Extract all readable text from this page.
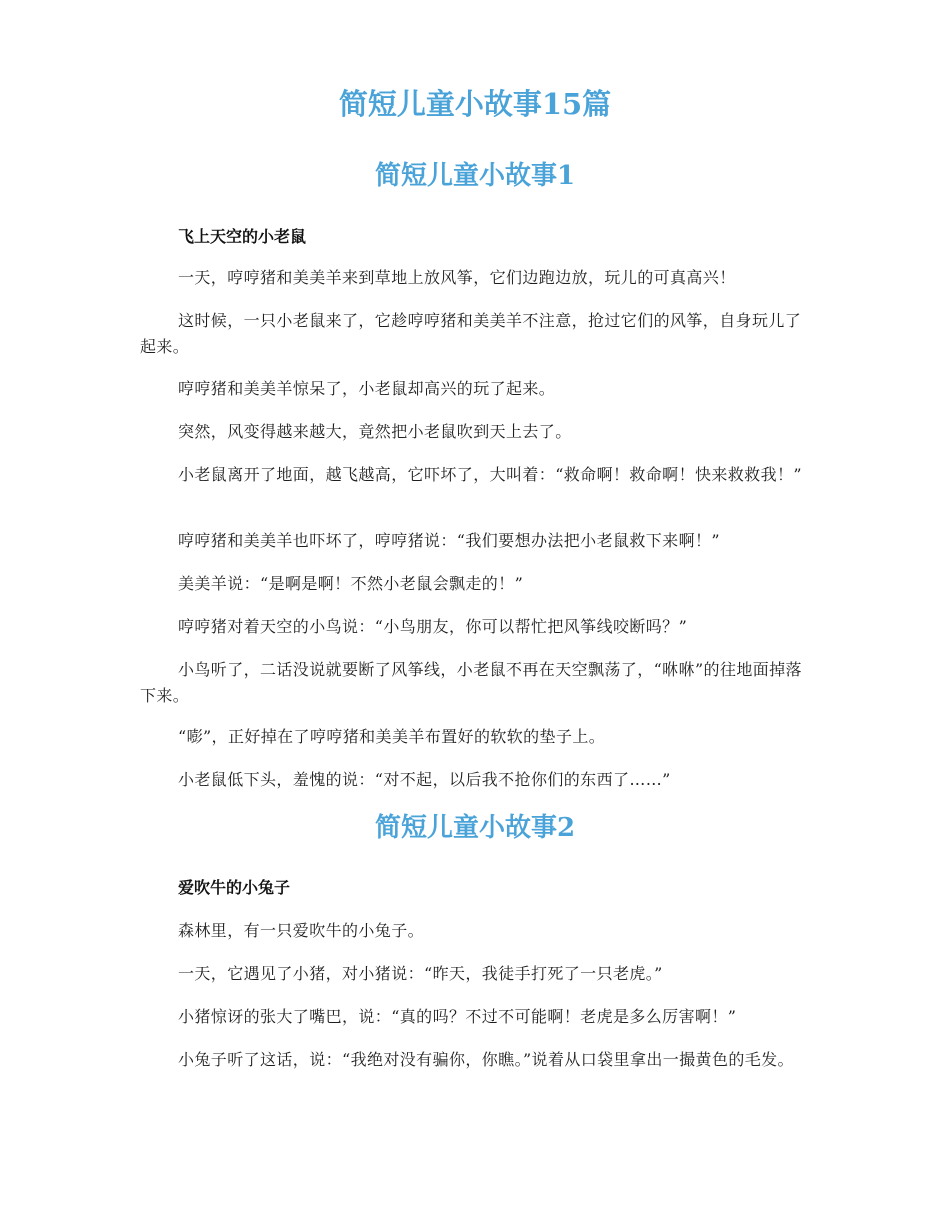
简短儿童小故事15篇
简短儿童小故事1

飞上天空的小老鼠

一天，哼哼猪和美美羊来到草地上放风筝，它们边跑边放，玩儿的可真高兴！

这时候，一只小老鼠来了，它趁哼哼猪和美美羊不注意，抢过它们的风筝，自身玩儿了起来。

哼哼猪和美美羊惊呆了，小老鼠却高兴的玩了起来。

突然，风变得越来越大，竟然把小老鼠吹到天上去了。

小老鼠离开了地面，越飞越高，它吓坏了，大叫着：“救命啊！救命啊！快来救救我！”

哼哼猪和美美羊也吓坏了，哼哼猪说：“我们要想办法把小老鼠救下来啊！”

美美羊说：“是啊是啊！不然小老鼠会飘走的！”

哼哼猪对着天空的小鸟说：“小鸟朋友，你可以帮忙把风筝线咬断吗？”

小鸟听了，二话没说就要断了风筝线，小老鼠不再在天空飘荡了，“咻咻”的往地面掉落下来。

“嘭”，正好掉在了哼哼猪和美美羊布置好的软软的垫子上。

小老鼠低下头，羞愧的说：“对不起，以后我不抢你们的东西了……”

简短儿童小故事2

爱吹牛的小兔子

森林里，有一只爱吹牛的小兔子。

一天，它遇见了小猪，对小猪说：“昨天，我徒手打死了一只老虎。”

小猪惊讶的张大了嘴巴，说：“真的吗？不过不可能啊！老虎是多么厉害啊！”

小兔子听了这话，说：“我绝对没有骗你，你瞧。”说着从口袋里拿出一撮黄色的毛发。
